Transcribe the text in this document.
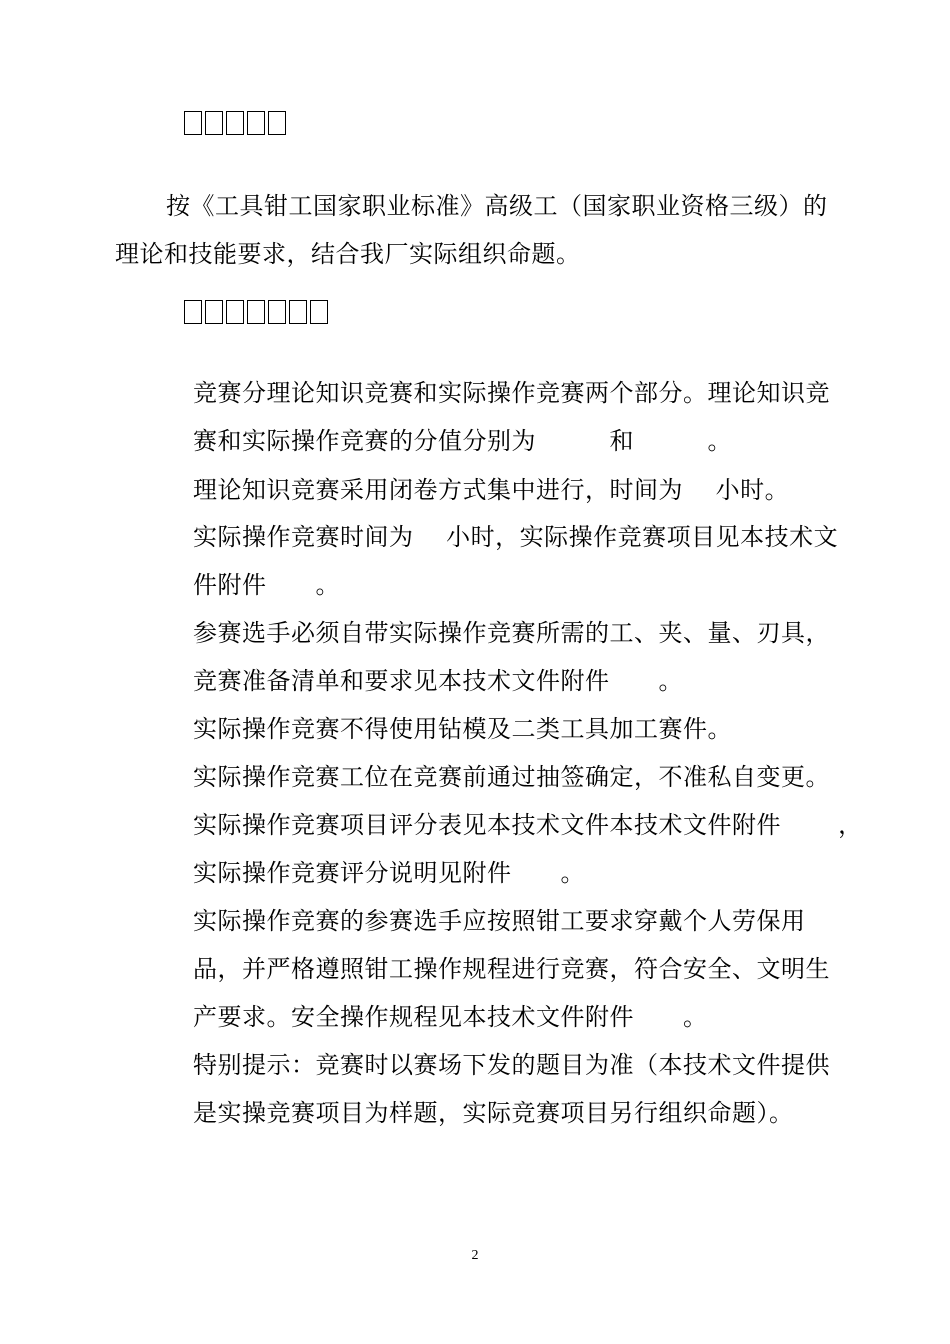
按《工具钳工国家职业标准》高级工（国家职业资格三级）的
理论和技能要求，结合我厂实际组织命题。
竞赛分理论知识竞赛和实际操作竞赛两个部分。理论知识竞
赛和实际操作竞赛的分值分别为　　　和　　　。
理论知识竞赛采用闭卷方式集中进行，时间为　 小时。
实际操作竞赛时间为　 小时，实际操作竞赛项目见本技术文
件附件　　。
参赛选手必须自带实际操作竞赛所需的工、夹、量、刃具，
竞赛准备清单和要求见本技术文件附件　　。
实际操作竞赛不得使用钻模及二类工具加工赛件。
实际操作竞赛工位在竞赛前通过抽签确定，不准私自变更。
实际操作竞赛项目评分表见本技术文件本技术文件附件　　 ，
实际操作竞赛评分说明见附件　　。
实际操作竞赛的参赛选手应按照钳工要求穿戴个人劳保用
品，并严格遵照钳工操作规程进行竞赛，符合安全、文明生
产要求。安全操作规程见本技术文件附件　　。
特别提示：竞赛时以赛场下发的题目为准（本技术文件提供
是实操竞赛项目为样题，实际竞赛项目另行组织命题）。
2
